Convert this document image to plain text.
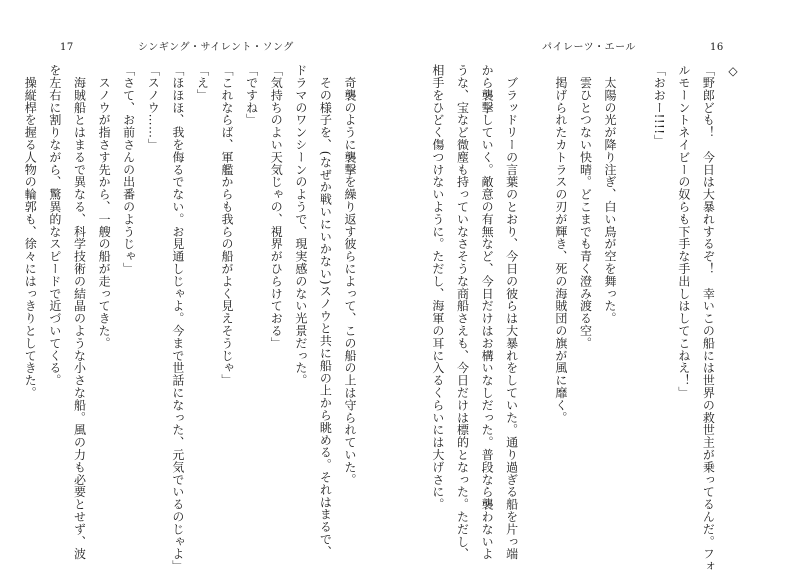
17	シンギング・サイレント・ソング	パイレーツ・エール	16
◇
「野郎ども！　今日は大暴れするぞ！　幸いこの船には世界の救世主が乗ってるんだ。フォ
ルモーントネイビーの奴らも下手な手出しはしてこねえ！」
「おおー!!!!」
　太陽の光が降り注ぎ、白い鳥が空を舞った。
　雲ひとつない快晴。どこまでも青く澄み渡る空。
　掲げられたカトラスの刃が輝き、死の海賊団の旗が風に靡く。
　ブラッドリーの言葉のとおり、今日の彼らは大暴れをしていた。通り過ぎる船を片っ端
から襲撃していく。敵意の有無など、今日だけはお構いなしだった。普段なら襲わないよ
うな、宝など微塵も持っていなさそうな商船さえも、今日だけは標的となった。ただし、
相手をひどく傷つけないように。ただし、海軍の耳に入るくらいには大げさに。
　奇襲のように襲撃を繰り返す彼らによって、この船の上は守られていた。
　その様子を、(なぜか戦いにいかない)スノウと共に船の上から眺める。それはまるで、
ドラマのワンシーンのようで、現実感のない光景だった。
「気持ちのよい天気じゃの、視界がひらけておる」
「ですね」
「これならば、軍艦からも我らの船がよく見えそうじゃ」
「え」
「ほほほ、我を侮るでない。お見通しじゃよ。今まで世話になった、元気でいるのじゃよ」
「スノウ……」
「さて、お前さんの出番のようじゃ」
　スノウが指さす先から、一艘の船が走ってきた。
　海賊船とはまるで異なる、科学技術の結晶のような小さな船。風の力も必要とせず、波
を左右に割りながら、驚異的なスピードで近づいてくる。
　操縦桿を握る人物の輪郭も、徐々にはっきりとしてきた。
